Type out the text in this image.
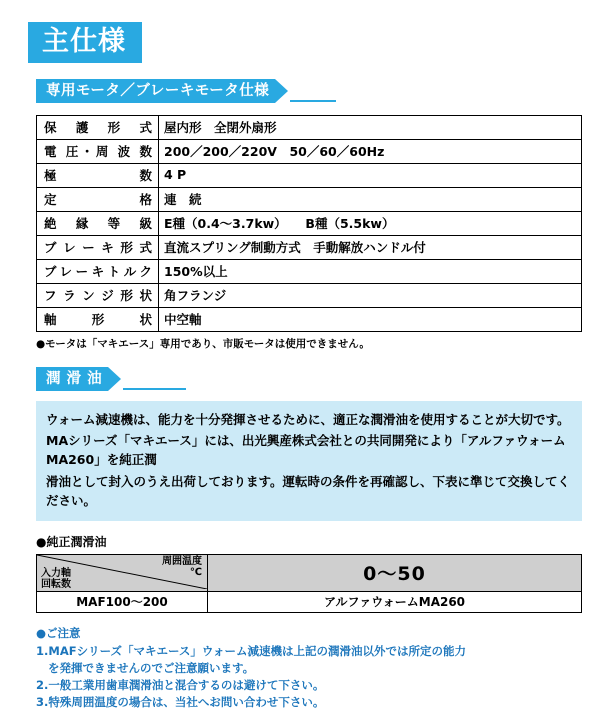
主仕様
専用モータ／ブレーキモータ仕様
保 護 形 式	屋内形　全閉外扇形

電 圧・周 波 数	200／200／220V　50／60／60Hz

極 　 　 　 数	4 P

定 　 　 　 格	連　続

絶 縁 等 級	E種（0.4〜3.7kw）　　B種（5.5kw）

ブ レ ー キ 形 式	直流スプリング制動方式　手動解放ハンドル付

ブレーキトルク	150%以上

フ ラ ン ジ 形 状	角フランジ

軸 　 形 　 状	中空軸
●モータは「マキエース」専用であり、市販モータは使用できません。
潤 滑 油

ウォーム減速機は、能力を十分発揮させるために、適正な潤滑油を使用することが大切です。

MAシリーズ「マキエース」には、出光興産株式会社との共同開発により「アルファウォームMA260」を純正潤

滑油として封入のうえ出荷しております。運転時の条件を再確認し、下表に準じて交換してください。

●純正潤滑油
周囲温度
℃
入力軸
回転数	0〜50
MAF100〜200	アルファウォームMA260
●ご注意
1.MAFシリーズ「マキエース」ウォーム減速機は上記の潤滑油以外では所定の能力
を発揮できませんのでご注意願います。
2.一般工業用歯車潤滑油と混合するのは避けて下さい。
3.特殊周囲温度の場合は、当社へお問い合わせ下さい。
